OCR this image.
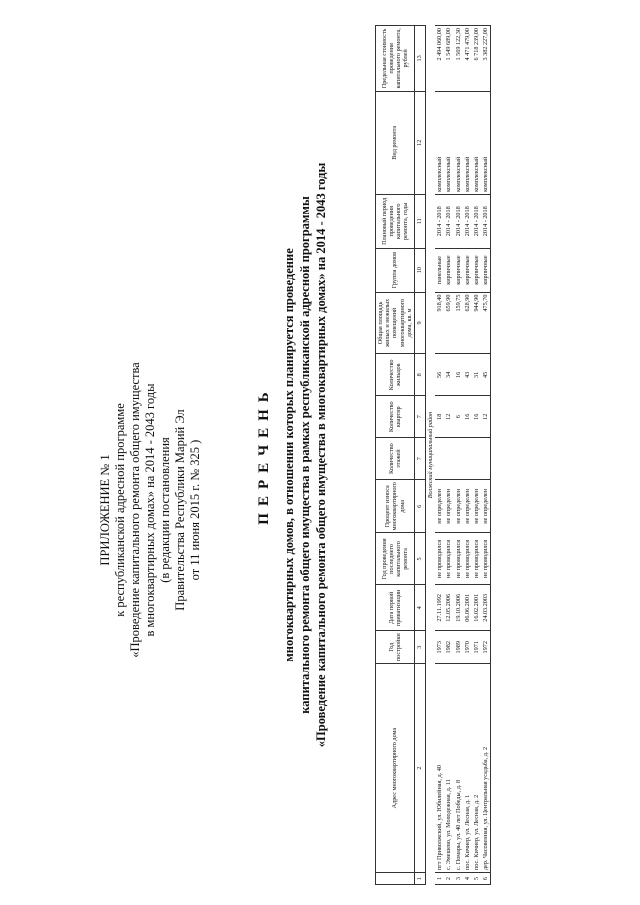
ПРИЛОЖЕНИЕ № 1 к республиканской адресной программе «Проведение капитального ремонта общего имущества в многоквартирных домах» на 2014 - 2043 годы (в редакции постановления Правительства Республики Марий Эл от 11 июня 2015 г. № 325 )	ПЕРЕЧЕНЬ многоквартирных домов, в отношении которых планируется проведение капитального ремонта общего имущества в рамках республиканской адресной программы «Проведение капитального ремонта общего имущества в многоквартирных домах» на 2014 - 2043 годы
	Адрес многоквартирного дома	Год постройки	Дата первой приватизации	Год проведения последнего капитального ремонта	Процент износа многоквартирного дома	Количество этажей	Количество квартир	Количество жильцов	Общая площадь жилых и нежилых помещений многоквартирного дома, кв. м	Группа домов	Плановый период проведения капитального ремонта, годы	Вид ремонта	Предельная стоимость проведения капитального ремонта, рублей
1	2	3	4	5	6	7	7	8	9	10	11	12	13
Волжский муниципальный район													
1	пгт Приволжский, ул. Юбилейная, д. 40	1973	27.11.1992	не проводился	не определен		18	56	918,40	панельные	2014 - 2018	комплексный	2 494 060,00
2	с. Эмешево, ул. Молодежная, д. 11	1982	12.05.2006	не проводился	не определен		12	34	659,90	кирпичные	2014 - 2018	комплексный	1 549 689,00
3	с. Помары, ул. 40 лет Победы, д. 8	1989	19.10.2006	не проводился	не определен		6	16	159,75	кирпичные	2014 - 2018	комплексный	1 569 122,30
4	пос. Кичиер, ул. Лесная, д. 1	1970	06.06.2001	не проводился	не определен		16	43	628,90	кирпичные	2014 - 2018	комплексный	4 471 479,00
5	пос. Кичиер, ул. Лесная, д. 2	1971	16.02.2001	не проводился	не определен		16	31	944,90	кирпичные	2014 - 2018	комплексный	6 718 239,00
6	дер. Часовенная, ул. Центральная усадьба, д. 2	1972	24.03.2003	не проводился	не определен		12	45	475,70	кирпичные	2014 - 2018	комплексный	3 382 227,00
